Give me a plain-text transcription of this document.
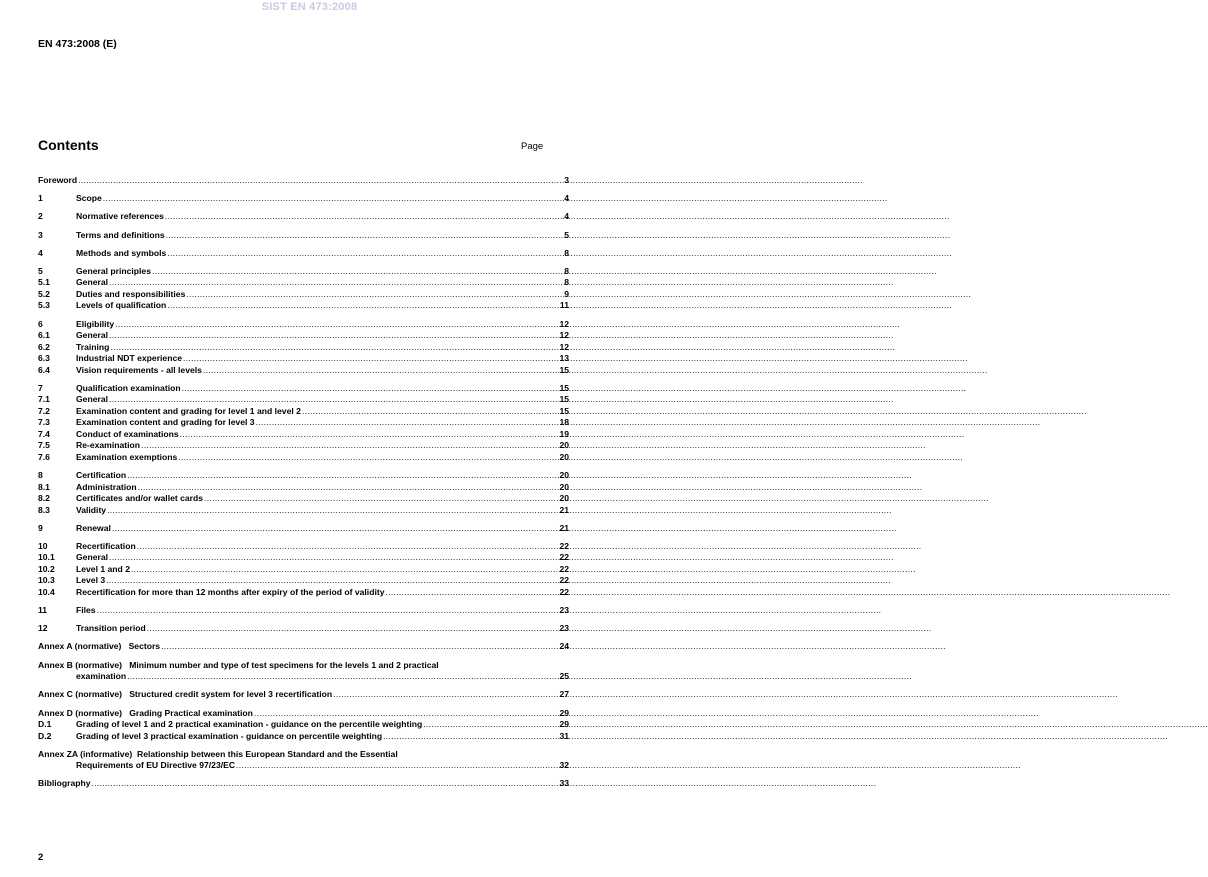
SIST EN 473:2008
EN 473:2008 (E)
Contents	Page
Foreword .....	3
1	Scope .....	4
2	Normative references .....	4
3	Terms and definitions .....	5
4	Methods and symbols .....	8
5	General principles .....	8
5.1	General .....	8
5.2	Duties and responsibilities .....	9
5.3	Levels of qualification .....	11
6	Eligibility .....	12
6.1	General .....	12
6.2	Training .....	12
6.3	Industrial NDT experience .....	13
6.4	Vision requirements - all levels .....	15
7	Qualification examination .....	15
7.1	General .....	15
7.2	Examination content and grading for level 1 and level 2 .....	15
7.3	Examination content and grading for level 3 .....	18
7.4	Conduct of examinations .....	19
7.5	Re-examination .....	20
7.6	Examination exemptions .....	20
8	Certification .....	20
8.1	Administration .....	20
8.2	Certificates and/or wallet cards .....	20
8.3	Validity .....	21
9	Renewal .....	21
10	Recertification .....	22
10.1	General .....	22
10.2	Level 1 and 2 .....	22
10.3	Level 3 .....	22
10.4	Recertification for more than 12 months after expiry of the period of validity .....	22
11	Files .....	23
12	Transition period .....	23
Annex A (normative)   Sectors .....	24
Annex B (normative)   Minimum number and type of test specimens for the levels 1 and 2 practical
examination .....	25
Annex C (normative)   Structured credit system for level 3 recertification .....	27
Annex D (normative)   Grading Practical examination .....	29
D.1	Grading of level 1 and 2 practical examination - guidance on the percentile weighting .....	29
D.2	Grading of level 3 practical examination - guidance on percentile weighting .....	31
Annex ZA (informative)  Relationship between this European Standard and the Essential
Requirements of EU Directive 97/23/EC .....	32
Bibliography .....	33
2
